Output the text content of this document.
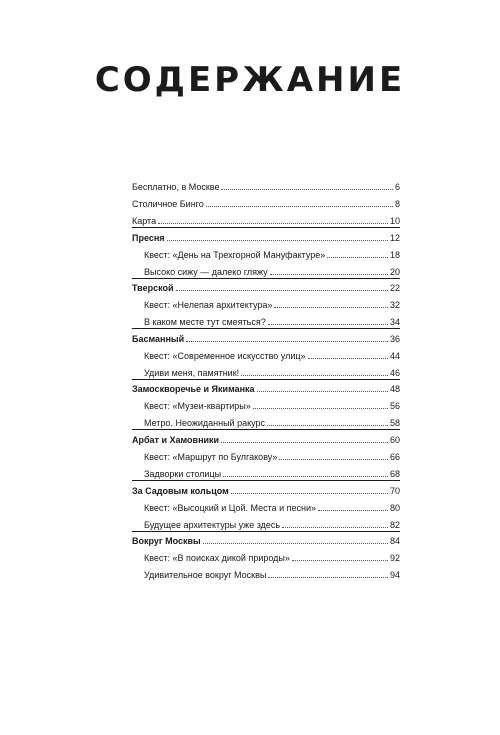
СОДЕРЖАНИЕ
Бесплатно, в Москве	6
Столичное Бинго	8
Карта	10
Пресня	12
Квест: «День на Трехгорной Мануфактуре»	18
Высоко сижу — далеко гляжу	20
Тверской	22
Квест: «Нелепая архитектура»	32
В каком месте тут смеяться?	34
Басманный	36
Квест: «Современное искусство улиц»	44
Удиви меня, памятник!	46
Замоскворечье и Якиманка	48
Квест: «Музеи-квартиры»	56
Метро. Неожиданный ракурс	58
Арбат и Хамовники	60
Квест: «Маршрут по Булгакову»	66
Задворки столицы	68
За Садовым кольцом	70
Квест: «Высоцкий и Цой. Места и песни»	80
Будущее архитектуры уже здесь	82
Вокруг Москвы	84
Квест: «В поисках дикой природы»	92
Удивительное вокруг Москвы	94
